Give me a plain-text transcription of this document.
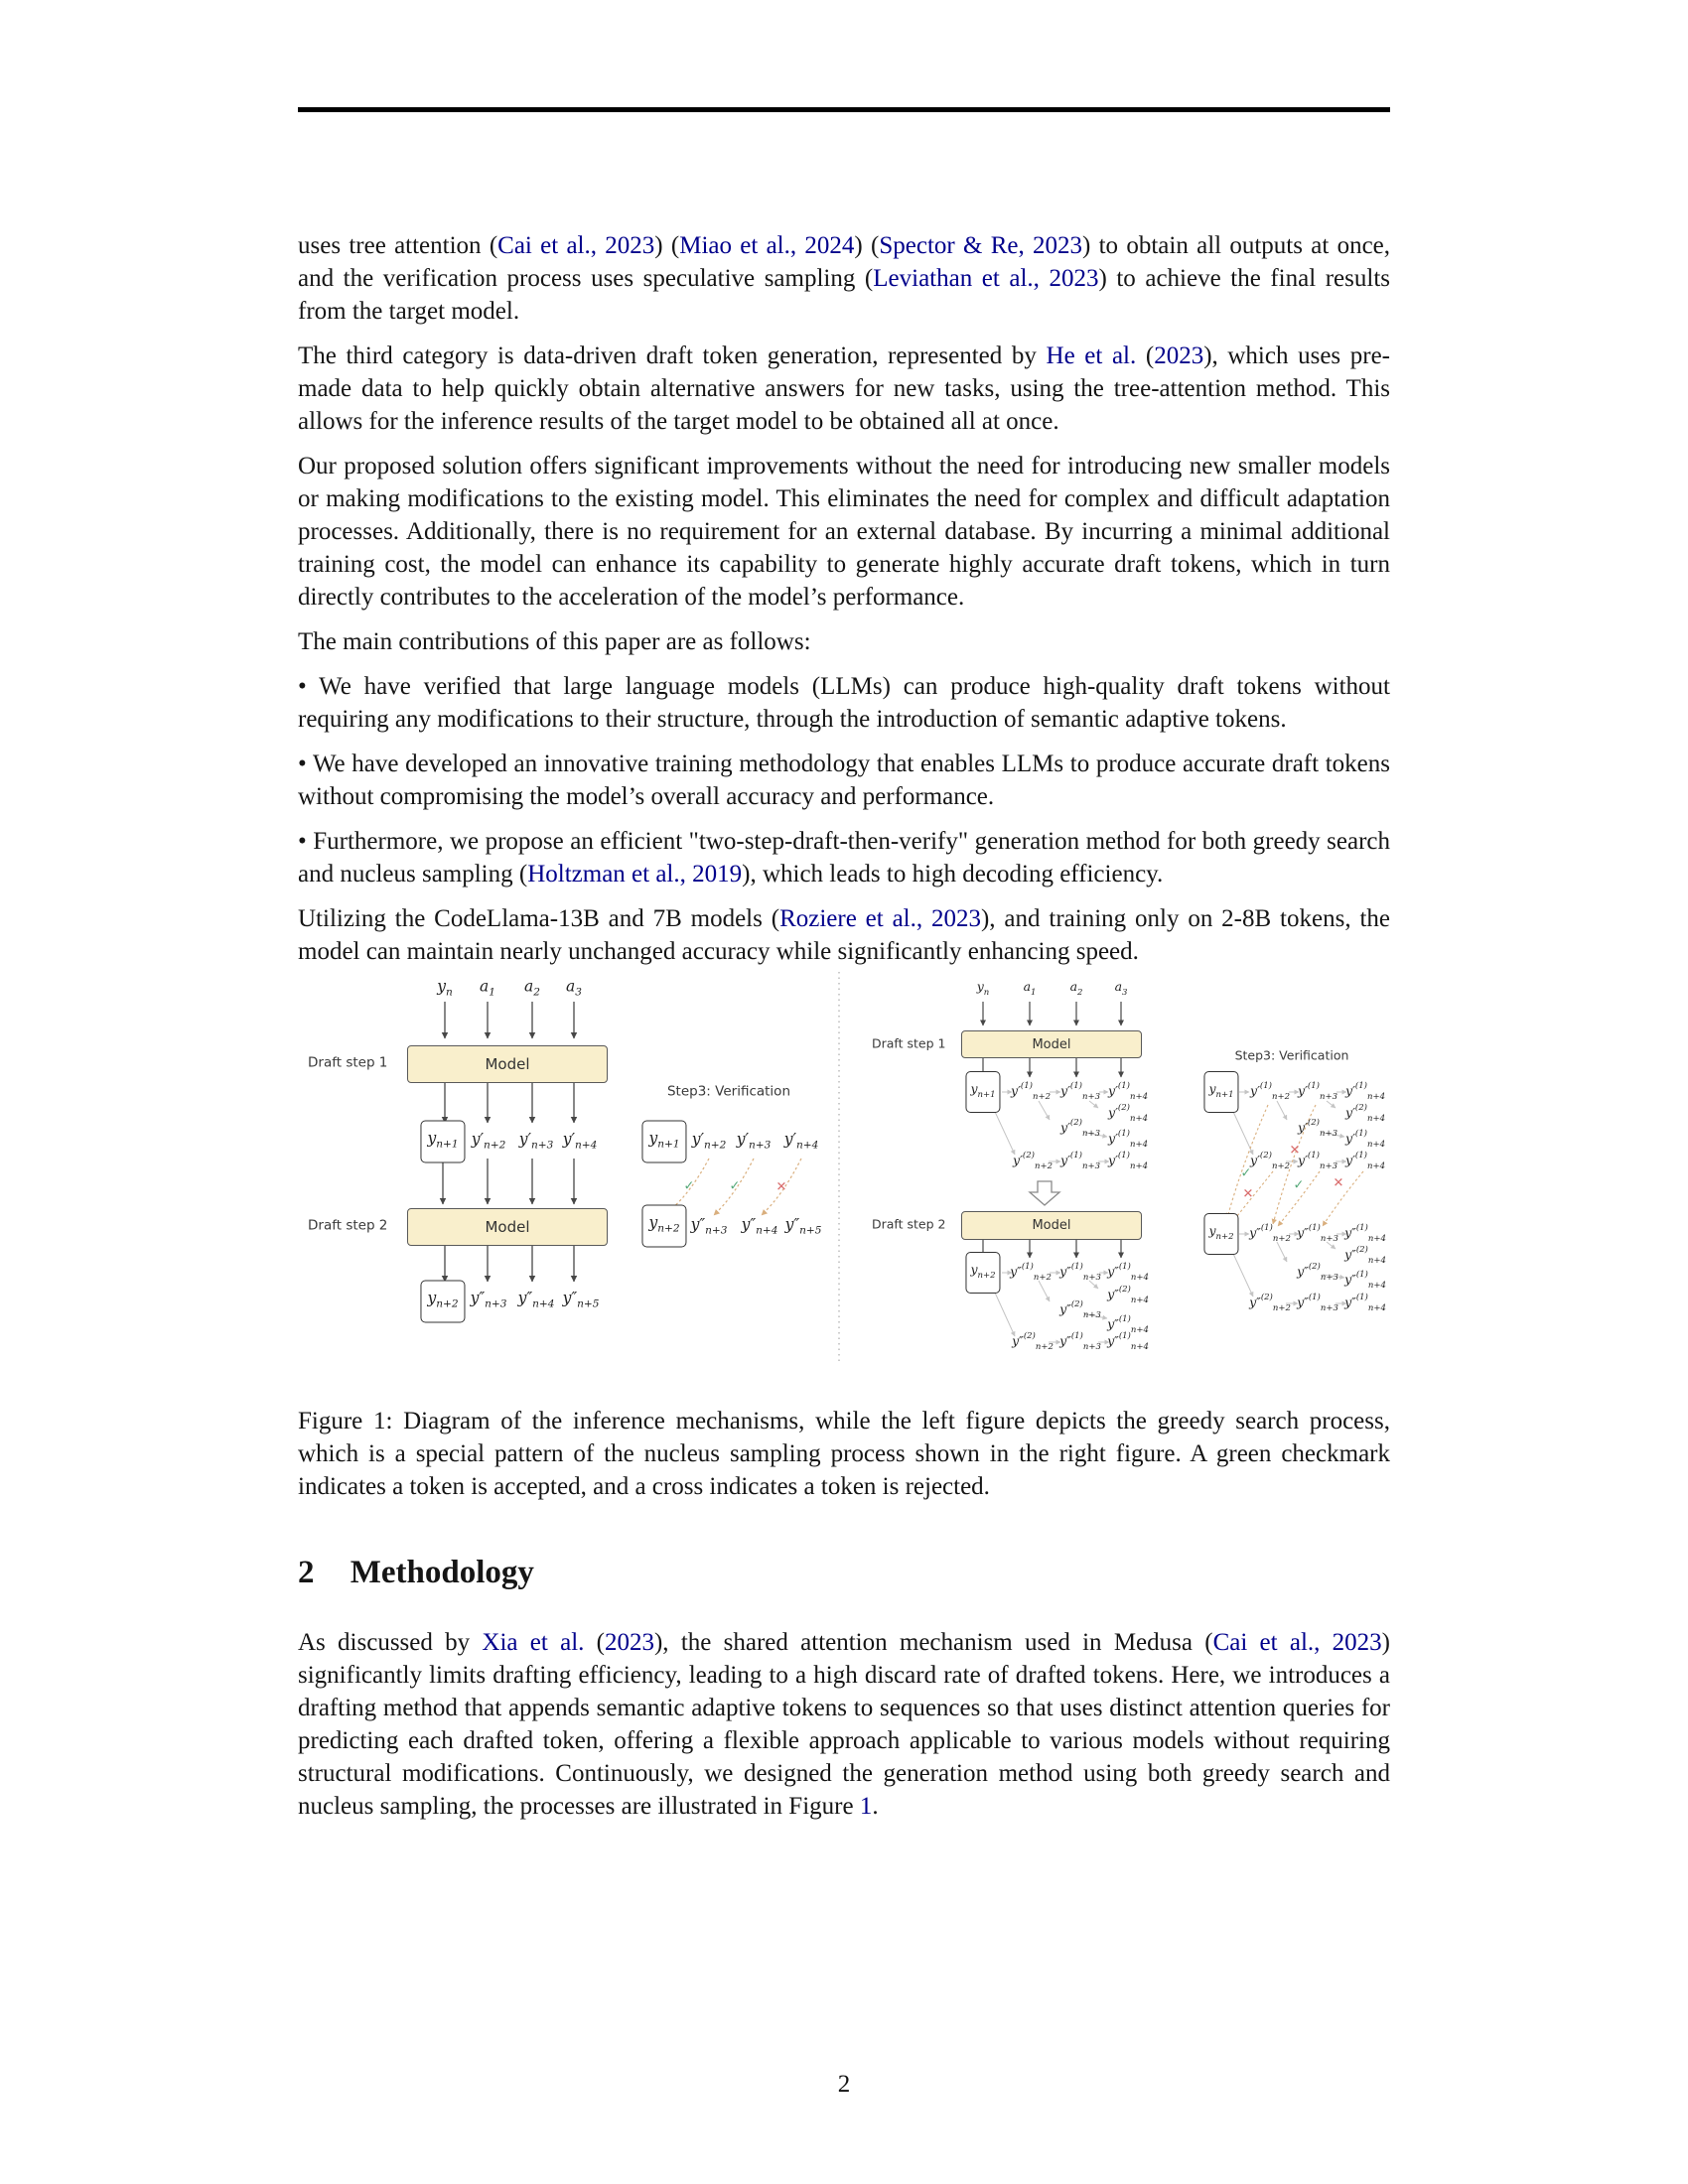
uses tree attention (Cai et al., 2023) (Miao et al., 2024) (Spector & Re, 2023) to obtain all outputs at once, and the verification process uses speculative sampling (Leviathan et al., 2023) to achieve the final results from the target model.

The third category is data-driven draft token generation, represented by He et al. (2023), which uses pre-made data to help quickly obtain alternative answers for new tasks, using the tree-attention method. This allows for the inference results of the target model to be obtained all at once.

Our proposed solution offers significant improvements without the need for introducing new smaller models or making modifications to the existing model. This eliminates the need for complex and difficult adaptation processes. Additionally, there is no requirement for an external database. By incurring a minimal additional training cost, the model can enhance its capability to generate highly accurate draft tokens, which in turn directly contributes to the acceleration of the model’s performance.

The main contributions of this paper are as follows:

• We have verified that large language models (LLMs) can produce high-quality draft tokens without requiring any modifications to their structure, through the introduction of semantic adaptive tokens.

• We have developed an innovative training methodology that enables LLMs to produce accurate draft tokens without compromising the model’s overall accuracy and performance.

• Furthermore, we propose an efficient "two-step-draft-then-verify" generation method for both greedy search and nucleus sampling (Holtzman et al., 2019), which leads to high decoding efficiency.

Utilizing the CodeLlama-13B and 7B models (Roziere et al., 2023), and training only on 2-8B tokens, the model can maintain nearly unchanged accuracy while significantly enhancing speed.

Model
Model
Model
Model
Draft step 1
Draft step 2
Draft step 1
Draft step 2
Step3: Verification
Step3: Verification
$y_n$ $a_1$ $a_2$ $a_3$
$y_{n+1}$ $y'_{n+2}$ $y'_{n+3}$ $y'_{n+4}$
$y_{n+2}$ $y''_{n+3}$ $y''_{n+4}$ $y''_{n+5}$
$y_{n+1}$ $y'_{n+2}$ $y'_{n+3}$ $y'_{n+4}$
$y_{n+2}$ $y''_{n+3}$ $y''_{n+4}$ $y''_{n+5}$
✓	✓	✕
$y_n$	$a_1$	$a_2$	$a_3$
$y_{n+1}$	$y'^{(1)}_{n+2}$ $y'^{(1)}_{n+3}$ $y'^{(1)}_{n+4}$
$y'^{(2)}_{n+4}$
$y'^{(2)}_{n+3}$ $y'^{(1)}_{n+4}$
$y'^{(2)}_{n+2}$ $y'^{(1)}_{n+3}$ $y'^{(1)}_{n+4}$
$y_{n+2}$	y″$^{(1)}_{n+2}$ y″$^{(1)}_{n+3}$ y″$^{(1)}_{n+4}$
y″$^{(2)}_{n+4}$
y″$^{(2)}_{n+3}$
y″$^{(1)}_{n+4}$
y″$^{(2)}_{n+2}$ y″$^{(1)}_{n+3}$ y″$^{(1)}_{n+4}$
$y_{n+1}$	$y'^{(1)}_{n+2}$ $y'^{(1)}_{n+3}$ $y'^{(1)}_{n+4}$
$y'^{(2)}_{n+4}$
$y'^{(2)}_{n+3}$ $y'^{(1)}_{n+4}$
$y'^{(2)}_{n+2}$ $y'^{(1)}_{n+3}$ $y'^{(1)}_{n+4}$
$y_{n+2}$	y″$^{(1)}_{n+2}$ y″$^{(1)}_{n+3}$ y″$^{(1)}_{n+4}$
y″$^{(2)}_{n+4}$
y″$^{(2)}_{n+3}$ y″$^{(1)}_{n+4}$
y″$^{(2)}_{n+2}$ y″$^{(1)}_{n+3}$ y″$^{(1)}_{n+4}$
✓
✕
✕
✓ ✕

Figure 1: Diagram of the inference mechanisms, while the left figure depicts the greedy search process, which is a special pattern of the nucleus sampling process shown in the right figure. A green checkmark indicates a token is accepted, and a cross indicates a token is rejected.

2 Methodology

As discussed by Xia et al. (2023), the shared attention mechanism used in Medusa (Cai et al., 2023) significantly limits drafting efficiency, leading to a high discard rate of drafted tokens. Here, we introduces a drafting method that appends semantic adaptive tokens to sequences so that uses distinct attention queries for predicting each drafted token, offering a flexible approach applicable to various models without requiring structural modifications. Continuously, we designed the generation method using both greedy search and nucleus sampling, the processes are illustrated in Figure 1.

2
